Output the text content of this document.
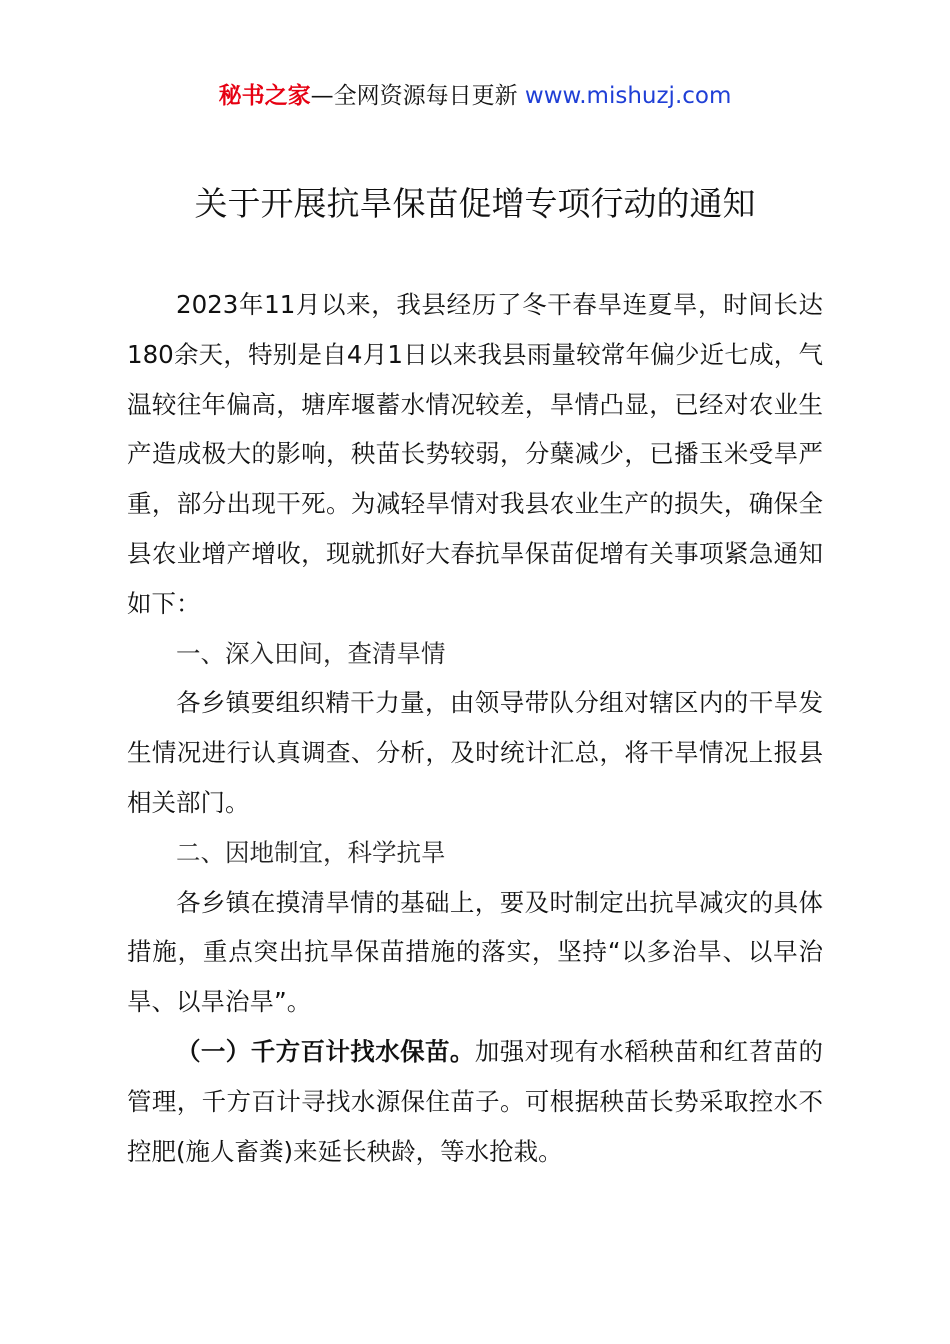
秘书之家—全网资源每日更新 www.mishuzj.com
关于开展抗旱保苗促增专项行动的通知

2023年11月以来，我县经历了冬干春旱连夏旱，时间长达180余天，特别是自4月1日以来我县雨量较常年偏少近七成，气温较往年偏高，塘库堰蓄水情况较差，旱情凸显，已经对农业生产造成极大的影响，秧苗长势较弱，分蘖减少，已播玉米受旱严重，部分出现干死。为减轻旱情对我县农业生产的损失，确保全县农业增产增收，现就抓好大春抗旱保苗促增有关事项紧急通知如下：

一、深入田间，查清旱情

各乡镇要组织精干力量，由领导带队分组对辖区内的干旱发生情况进行认真调查、分析，及时统计汇总，将干旱情况上报县相关部门。

二、因地制宜，科学抗旱

各乡镇在摸清旱情的基础上，要及时制定出抗旱减灾的具体措施，重点突出抗旱保苗措施的落实，坚持“以多治旱、以早治旱、以旱治旱”。

（一）千方百计找水保苗。加强对现有水稻秧苗和红苕苗的管理，千方百计寻找水源保住苗子。可根据秧苗长势采取控水不控肥(施人畜粪)来延长秧龄，等水抢栽。
